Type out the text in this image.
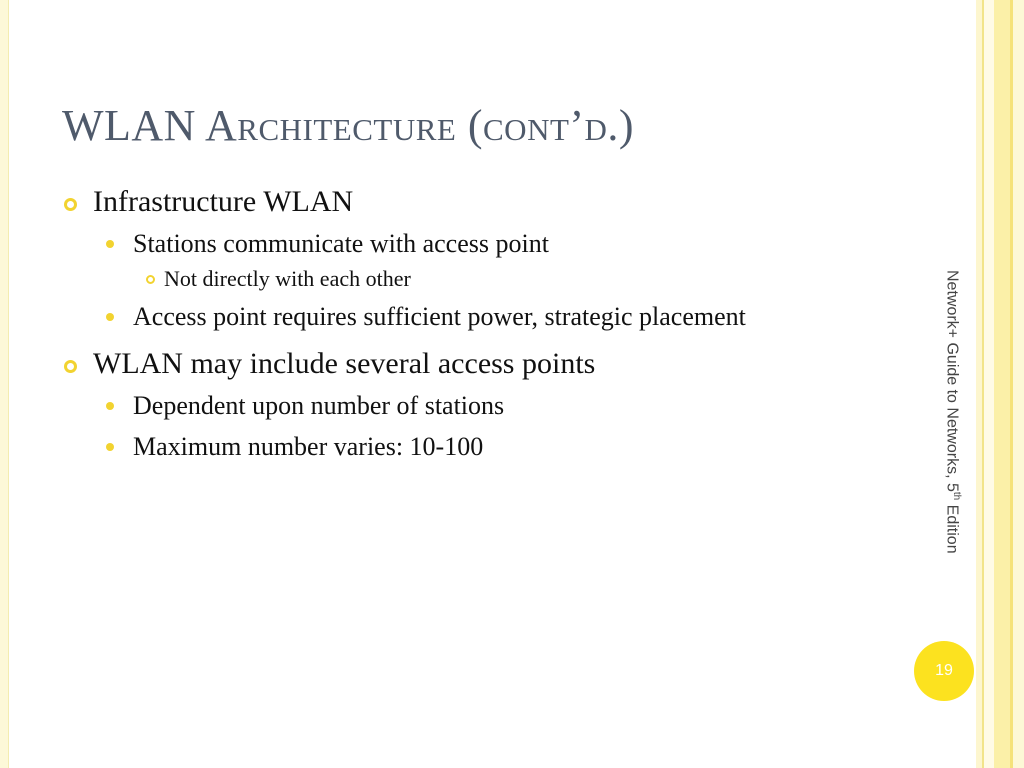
WLAN Architecture (cont’d.)
Infrastructure WLAN
Stations communicate with access point
Not directly with each other
Access point requires sufficient power, strategic placement
WLAN may include several access points
Dependent upon number of stations
Maximum number varies: 10-100	Network+ Guide to Networks, 5th Edition
19
